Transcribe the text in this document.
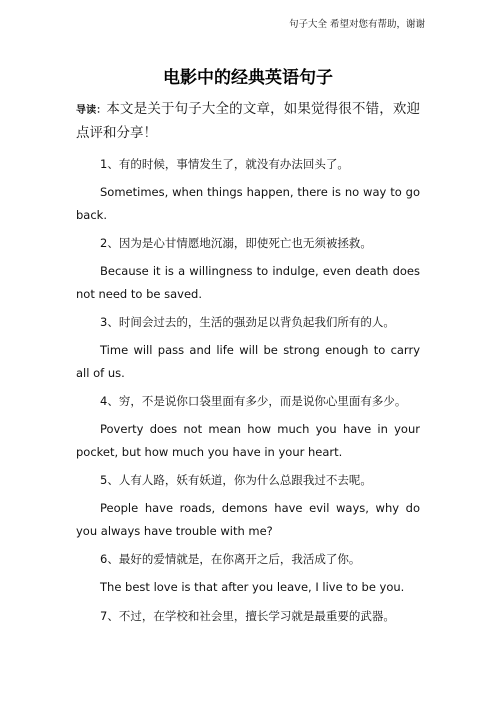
句子大全 希望对您有帮助，谢谢
电影中的经典英语句子

导读：本文是关于句子大全的文章，如果觉得很不错，欢迎点评和分享！

1、有的时候，事情发生了，就没有办法回头了。

Sometimes, when things happen, there is no way to go back.

2、因为是心甘情愿地沉溺，即使死亡也无须被拯救。

Because it is a willingness to indulge, even death does not need to be saved.

3、时间会过去的，生活的强劲足以背负起我们所有的人。

Time will pass and life will be strong enough to carry all of us.

4、穷，不是说你口袋里面有多少，而是说你心里面有多少。

Poverty does not mean how much you have in your pocket, but how much you have in your heart.

5、人有人路，妖有妖道，你为什么总跟我过不去呢。

People have roads, demons have evil ways, why do you always have trouble with me?

6、最好的爱情就是，在你离开之后，我活成了你。

The best love is that after you leave, I live to be you.

7、不过，在学校和社会里，擅长学习就是最重要的武器。
